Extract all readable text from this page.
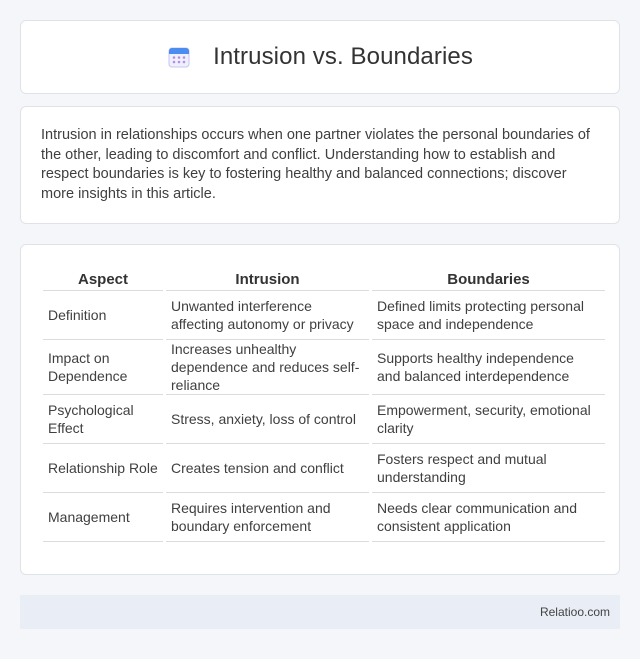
Intrusion vs. Boundaries

Intrusion in relationships occurs when one partner violates the personal boundaries of the other, leading to discomfort and conflict. Understanding how to establish and respect boundaries is key to fostering healthy and balanced connections; discover more insights in this article.

Aspect	Intrusion	Boundaries
Definition	Unwanted interference affecting autonomy or privacy	Defined limits protecting personal space and independence
Impact on Dependence	Increases unhealthy dependence and reduces self-reliance	Supports healthy independence and balanced interdependence
Psychological Effect	Stress, anxiety, loss of control	Empowerment, security, emotional clarity
Relationship Role	Creates tension and conflict	Fosters respect and mutual understanding
Management	Requires intervention and boundary enforcement	Needs clear communication and consistent application
Relatioo.com
